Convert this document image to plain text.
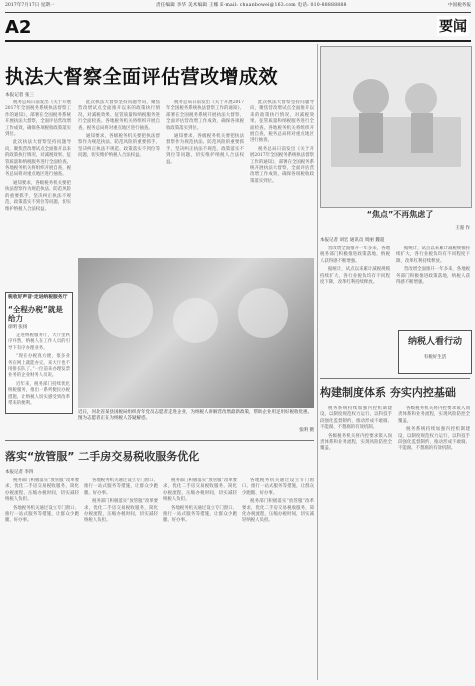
2017年7月17日 星期一	责任编辑 李华 美术编辑 王娜 E-mail: chuanbowei@163.com 电话: 010-88888888	中国税务报
A2	要闻
执法大督察全面评估营改增成效
本报记者 张三

税务总局日前发出《关于开展2017年全国税务系统执法督察工作的通知》，部署在全国税务系统开展执法大督察，全面评估营改增工作成效，确保各项税收政策落实到位。

此次执法大督察坚持问题导向，聚焦营改增试点全面推开以来的政策执行情况，对减税效果、征管质量和纳税服务进行全面检查。各地税务机关将组织开展自查，税务总局将对重点地区进行抽查。

通知要求，各级税务机关要把执法督察作为规范执法、防范风险的重要抓手，坚决纠正执法不规范、政策落实不到位等问题，切实维护纳税人合法权益。

此次执法大督察坚持问题导向，聚焦营改增试点全面推开以来的政策执行情况，对减税效果、征管质量和纳税服务进行全面检查。各地税务机关将组织开展自查，税务总局将对重点地区进行抽查。

通知要求，各级税务机关要把执法督察作为规范执法、防范风险的重要抓手，坚决纠正执法不规范、政策落实不到位等问题，切实维护纳税人合法权益。

税务总局日前发出《关于开展2017年全国税务系统执法督察工作的通知》，部署在全国税务系统开展执法大督察，全面评估营改增工作成效，确保各项税收政策落实到位。

通知要求，各级税务机关要把执法督察作为规范执法、防范风险的重要抓手，坚决纠正执法不规范、政策落实不到位等问题，切实维护纳税人合法权益。

此次执法大督察坚持问题导向，聚焦营改增试点全面推开以来的政策执行情况，对减税效果、征管质量和纳税服务进行全面检查。各地税务机关将组织开展自查，税务总局将对重点地区进行抽查。

税务总局日前发出《关于开展2017年全国税务系统执法督察工作的通知》，部署在全国税务系统开展执法大督察，全面评估营改增工作成效，确保各项税收政策落实到位。

“焦点”不再焦虑了
王漫 作
税收好声音·走进纳税服务厅
“全程办税”就是给力
徐明 张扬

走进纳税服务厅，大厅里秩序井然，纳税人在工作人员的引导下有序办理业务。

“现在办税真方便，很多业务在网上就能办完，来大厅也不用排长队了。”一位前来办理发票业务的企业财务人员说。

近年来，税务部门持续优化纳税服务，推出一系列便民办税措施，让纳税人切实感受到改革带来的便利。

近日，河北省某县国税局组织青年党员志愿者走进企业，为纳税人讲解营改增最新政策，帮助企业用足用好税收优惠。图为志愿者正在为纳税人答疑解惑。
张明 摄
本报记者 刘宏 通讯员 周丽 魏超

营改增全面推开一年多来，各地税务部门积极推进政策落地，纳税人获得感不断增强。

据统计，试点以来累计减税规模持续扩大，各行业税负均有不同程度下降，改革红利持续释放。

据统计，试点以来累计减税规模持续扩大，各行业税负均有不同程度下降，改革红利持续释放。

营改增全面推开一年多来，各地税务部门积极推进政策落地，纳税人获得感不断增强。

纳税人看行动
有税好生活
构建制度体系 夯实内控基础

税务系统持续加强内控机制建设，以制度规范权力运行，以科技手段强化监督制约，推动形成不敢腐、不能腐、不想腐的有效机制。

各级税务机关将内控要求嵌入岗责体系和业务流程，实现风险防控全覆盖。

各级税务机关将内控要求嵌入岗责体系和业务流程，实现风险防控全覆盖。

税务系统持续加强内控机制建设，以制度规范权力运行，以科技手段强化监督制约，推动形成不敢腐、不能腐、不想腐的有效机制。

落实“放管服” 二手房交易税收服务优化
本报记者 李四

税务部门积极落实“放管服”改革要求，优化二手房交易税收服务，简化办税流程，压缩办税时间，切实减轻纳税人负担。

各地税务机关通过设立专门窗口、推行一站式服务等措施，让群众少跑腿、好办事。

各地税务机关通过设立专门窗口、推行一站式服务等措施，让群众少跑腿、好办事。

税务部门积极落实“放管服”改革要求，优化二手房交易税收服务，简化办税流程，压缩办税时间，切实减轻纳税人负担。

税务部门积极落实“放管服”改革要求，优化二手房交易税收服务，简化办税流程，压缩办税时间，切实减轻纳税人负担。

各地税务机关通过设立专门窗口、推行一站式服务等措施，让群众少跑腿、好办事。

各地税务机关通过设立专门窗口、推行一站式服务等措施，让群众少跑腿、好办事。

税务部门积极落实“放管服”改革要求，优化二手房交易税收服务，简化办税流程，压缩办税时间，切实减轻纳税人负担。
